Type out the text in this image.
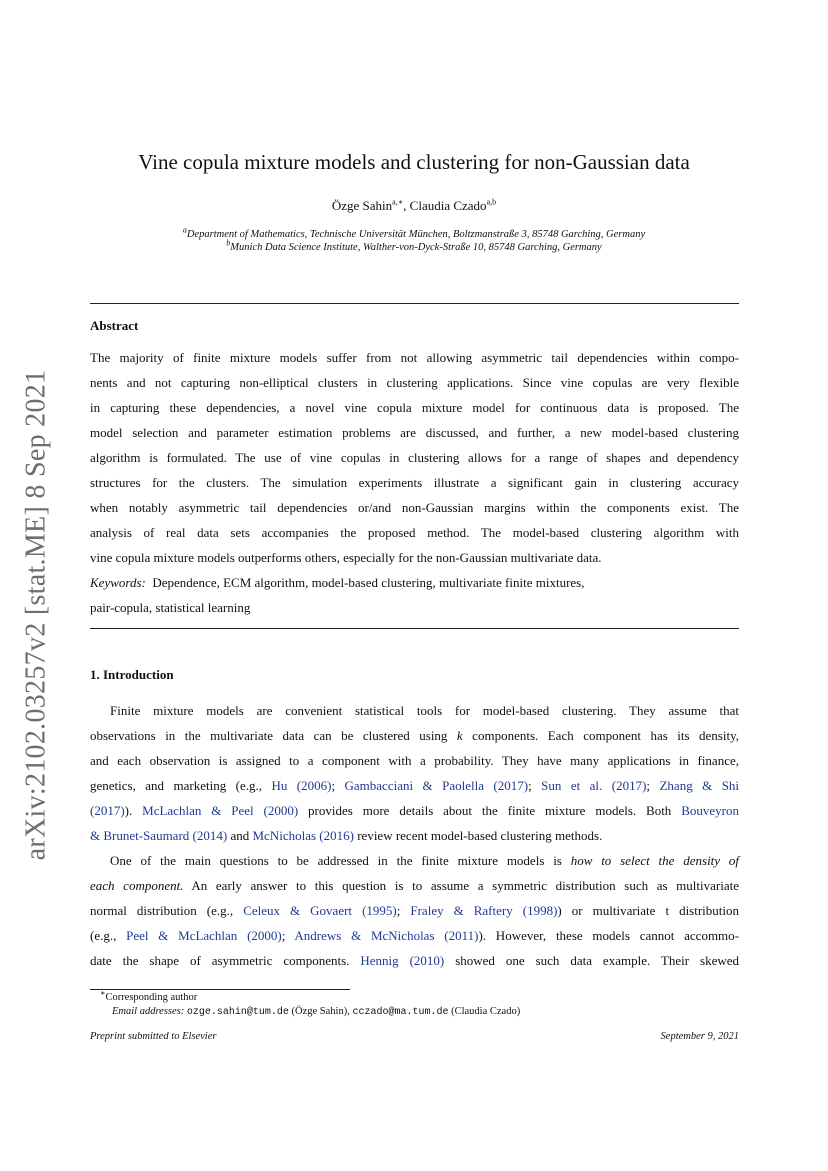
arXiv:2102.03257v2 [stat.ME] 8 Sep 2021
Vine copula mixture models and clustering for non-Gaussian data
Özge Sahin$^{a,∗}$, Claudia Czado$^{a,b}$
$^a$Department of Mathematics, Technische Universität München, Boltzmanstraße 3, 85748 Garching, Germany
$^b$Munich Data Science Institute, Walther-von-Dyck-Straße 10, 85748 Garching, Germany
Abstract
The majority of finite mixture models suffer from not allowing asymmetric tail dependencies within compo-
nents and not capturing non-elliptical clusters in clustering applications. Since vine copulas are very flexible
in capturing these dependencies, a novel vine copula mixture model for continuous data is proposed. The
model selection and parameter estimation problems are discussed, and further, a new model-based clustering
algorithm is formulated. The use of vine copulas in clustering allows for a range of shapes and dependency
structures for the clusters. The simulation experiments illustrate a significant gain in clustering accuracy
when notably asymmetric tail dependencies or/and non-Gaussian margins within the components exist. The
analysis of real data sets accompanies the proposed method. The model-based clustering algorithm with
vine copula mixture models outperforms others, especially for the non-Gaussian multivariate data.
Keywords: Dependence, ECM algorithm, model-based clustering, multivariate finite mixtures,
pair-copula, statistical learning
1. Introduction
Finite mixture models are convenient statistical tools for model-based clustering. They assume that
observations in the multivariate data can be clustered using k components. Each component has its density,
and each observation is assigned to a component with a probability. They have many applications in finance,
genetics, and marketing (e.g., Hu (2006); Gambacciani & Paolella (2017); Sun et al. (2017); Zhang & Shi
(2017)). McLachlan & Peel (2000) provides more details about the finite mixture models. Both Bouveyron
& Brunet-Saumard (2014) and McNicholas (2016) review recent model-based clustering methods.
One of the main questions to be addressed in the finite mixture models is how to select the density of
each component. An early answer to this question is to assume a symmetric distribution such as multivariate
normal distribution (e.g., Celeux & Govaert (1995); Fraley & Raftery (1998)) or multivariate t distribution
(e.g., Peel & McLachlan (2000); Andrews & McNicholas (2011)). However, these models cannot accommo-
date the shape of asymmetric components. Hennig (2010) showed one such data example. Their skewed
∗Corresponding author
Email addresses: ozge.sahin@tum.de (Özge Sahin), cczado@ma.tum.de (Claudia Czado)
Preprint submitted to Elsevier	September 9, 2021
